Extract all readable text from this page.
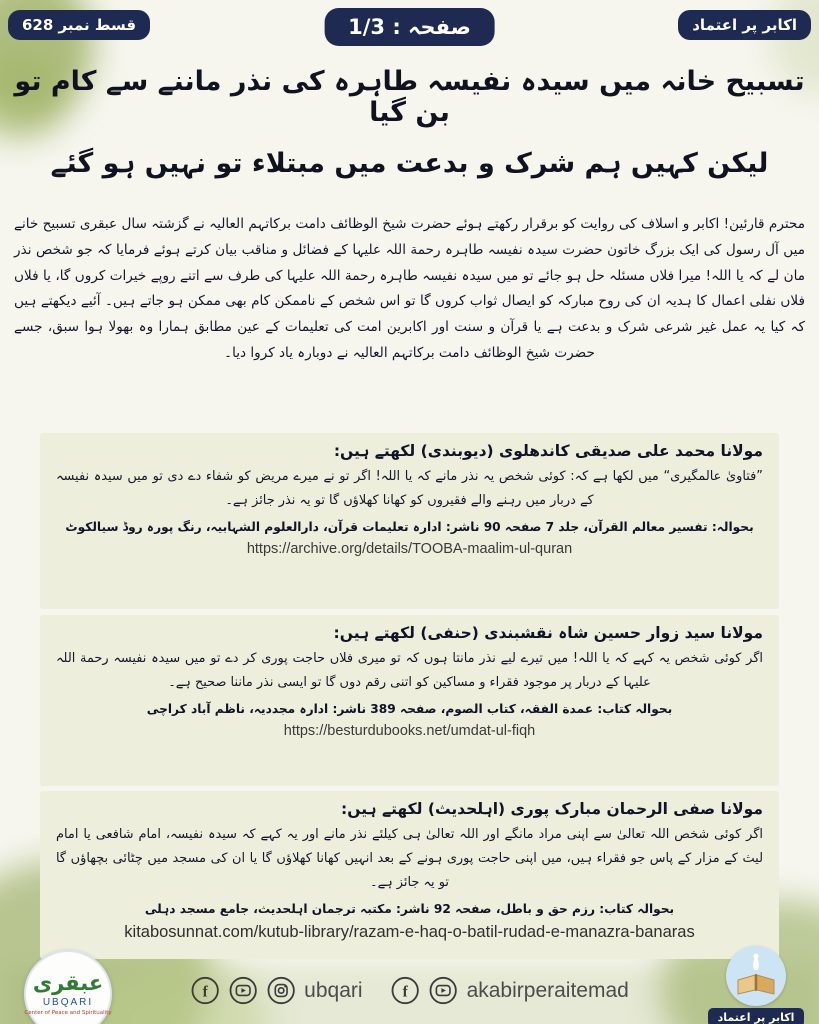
قسط نمبر 628	صفحہ : 1/3	اکابر پر اعتماد
تسبیح خانہ میں سیدہ نفیسہ طاہرہ کی نذر ماننے سے کام تو بن گیا
لیکن کہیں ہم شرک و بدعت میں مبتلاء تو نہیں ہو گئے

محترم قارئین! اکابر و اسلاف کی روایت کو برقرار رکھتے ہوئے حضرت شیخ الوظائف دامت برکاتہم العالیہ نے گزشتہ سال عبقری تسبیح خانے میں آل رسول کی ایک بزرگ خاتون حضرت سیدہ نفیسہ طاہرہ رحمة اللہ علیہا کے فضائل و مناقب بیان کرتے ہوئے فرمایا کہ جو شخص نذر مان لے کہ یا اللہ! میرا فلاں مسئلہ حل ہو جائے تو میں سیدہ نفیسہ طاہرہ رحمة اللہ علیہا کی طرف سے اتنے روپے خیرات کروں گا، یا فلاں فلاں نفلی اعمال کا ہدیہ ان کی روح مبارکہ کو ایصال ثواب کروں گا تو اس شخص کے ناممکن کام بھی ممکن ہو جاتے ہیں۔ آئیے دیکھتے ہیں کہ کیا یہ عمل غیر شرعی شرک و بدعت ہے یا قرآن و سنت اور اکابرین امت کی تعلیمات کے عین مطابق ہمارا وہ بھولا ہوا سبق، جسے حضرت شیخ الوظائف دامت برکاتہم العالیہ نے دوبارہ یاد کروا دیا۔

مولانا محمد علی صدیقی کاندھلوی (دیوبندی) لکھتے ہیں:
”فتاویٰ عالمگیری“ میں لکھا ہے کہ: کوئی شخص یہ نذر مانے کہ یا اللہ! اگر تو نے میرے مریض کو شفاء دے دی تو میں سیدہ نفیسہ کے دربار میں رہنے والے فقیروں کو کھانا کھلاؤں گا تو یہ نذر جائز ہے۔
بحوالہ: تفسیر معالم القرآن، جلد 7 صفحہ 90 ناشر: ادارہ تعلیمات قرآن، دارالعلوم الشہابیہ، رنگ پورہ روڈ سیالکوٹ
https://archive.org/details/TOOBA-maalim-ul-quran
مولانا سید زوار حسین شاہ نقشبندی (حنفی) لکھتے ہیں:
اگر کوئی شخص یہ کہے کہ یا اللہ! میں تیرے لیے نذر مانتا ہوں کہ تو میری فلاں حاجت پوری کر دے تو میں سیدہ نفیسہ رحمة اللہ علیہا کے دربار پر موجود فقراء و مساکین کو اتنی رقم دوں گا تو ایسی نذر ماننا صحیح ہے۔
بحوالہ کتاب: عمدة الفقہ، کتاب الصوم، صفحہ 389 ناشر: ادارہ مجددیہ، ناظم آباد کراچی
https://besturdubooks.net/umdat-ul-fiqh
مولانا صفی الرحمان مبارک پوری (اہلحدیث) لکھتے ہیں:
اگر کوئی شخص اللہ تعالیٰ سے اپنی مراد مانگے اور اللہ تعالیٰ ہی کیلئے نذر مانے اور یہ کہے کہ سیدہ نفیسہ، امام شافعی یا امام لیث کے مزار کے پاس جو فقراء ہیں، میں اپنی حاجت پوری ہونے کے بعد انہیں کھانا کھلاؤں گا یا ان کی مسجد میں چٹائی بچھاؤں گا تو یہ جائز ہے۔
بحوالہ کتاب: رزم حق و باطل، صفحہ 92 ناشر: مکتبہ ترجمان اہلحدیث، جامع مسجد دہلی
kitabosunnat.com/kutub-library/razam-e-haq-o-batil-rudad-e-manazra-banaras
f	ubqari f	akabirperaitemad
عبقری
UBQARI
Center of Peace and Spirituality	اکابر پر اعتماد
